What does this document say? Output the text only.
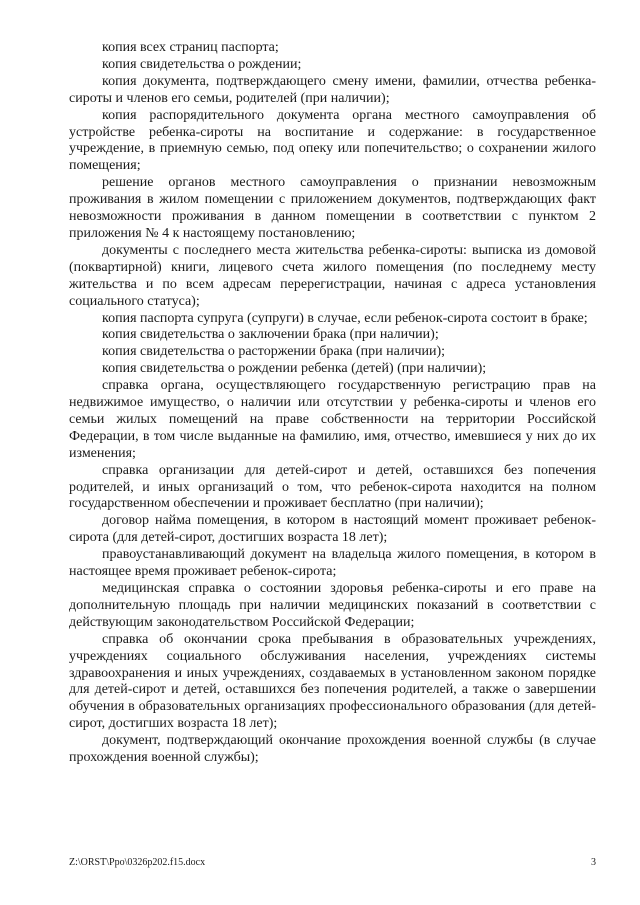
копия всех страниц паспорта;

копия свидетельства о рождении;

копия документа, подтверждающего смену имени, фамилии, отчества ребенка-сироты и членов его семьи, родителей (при наличии);

копия распорядительного документа органа местного самоуправления об устройстве ребенка-сироты на воспитание и содержание: в государственное учреждение, в приемную семью, под опеку или попечительство; о сохранении жилого помещения;

решение органов местного самоуправления о признании невозможным проживания в жилом помещении с приложением документов, подтверждающих факт невозможности проживания в данном помещении в соответствии с пунктом 2 приложения № 4 к настоящему постановлению;

документы с последнего места жительства ребенка-сироты: выписка из домовой (поквартирной) книги, лицевого счета жилого помещения (по последнему месту жительства и по всем адресам перерегистрации, начиная с адреса установления социального статуса);

копия паспорта супруга (супруги) в случае, если ребенок-сирота состоит в браке;

копия свидетельства о заключении брака (при наличии);

копия свидетельства о расторжении брака (при наличии);

копия свидетельства о рождении ребенка (детей) (при наличии);

справка органа, осуществляющего государственную регистрацию прав на недвижимое имущество, о наличии или отсутствии у ребенка-сироты и членов его семьи жилых помещений на праве собственности на территории Российской Федерации, в том числе выданные на фамилию, имя, отчество, имевшиеся у них до их изменения;

справка организации для детей-сирот и детей, оставшихся без попечения родителей, и иных организаций о том, что ребенок-сирота находится на полном государственном обеспечении и проживает бесплатно (при наличии);

договор найма помещения, в котором в настоящий момент проживает ребенок-сирота (для детей-сирот, достигших возраста 18 лет);

правоустанавливающий документ на владельца жилого помещения, в котором в настоящее время проживает ребенок-сирота;

медицинская справка о состоянии здоровья ребенка-сироты и его праве на дополнительную площадь при наличии медицинских показаний в соответствии с действующим законодательством Российской Федерации;

справка об окончании срока пребывания в образовательных учреждениях, учреждениях социального обслуживания населения, учреждениях системы здравоохранения и иных учреждениях, создаваемых в установленном законом порядке для детей-сирот и детей, оставшихся без попечения родителей, а также о завершении обучения в образовательных организациях профессионального образования (для детей-сирот, достигших возраста 18 лет);

документ, подтверждающий окончание прохождения военной службы (в случае прохождения военной службы);

Z:\ORST\Ppo\0326p202.f15.docx	3
